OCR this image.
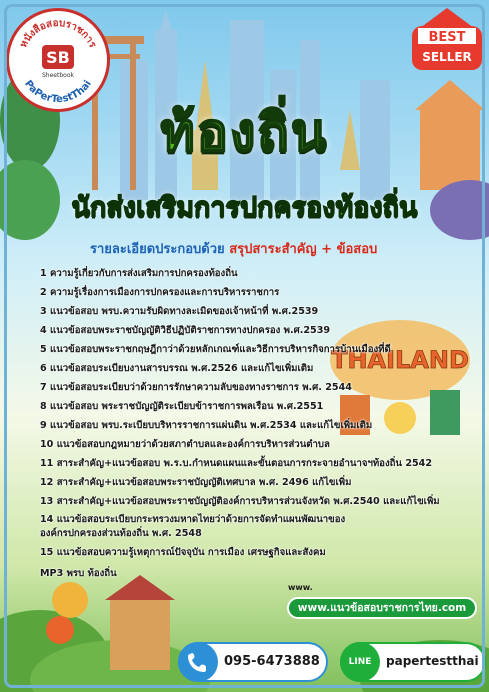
THAILAND
หนังสือสอบราชการ
SB
Sheetbook
PaPerTestThai
BEST
SELLER
ท้องถิ่น
นักส่งเสริมการปกครองท้องถิ่น
รายละเอียดประกอบด้วย สรุปสาระสำคัญ + ข้อสอบ
1 ความรู้เกี่ยวกับการส่งเสริมการปกครองท้องถิ่น
2 ความรู้เรื่องการเมืองการปกครองและการบริหารราชการ
3 แนวข้อสอบ พรบ.ความรับผิดทางละเมิดของเจ้าหน้าที่ พ.ศ.2539
4 แนวข้อสอบพระราชบัญญัติวิธีปฏิบัติราชการทางปกครอง พ.ศ.2539
5 แนวข้อสอบพระราชกฤษฎีกาว่าด้วยหลักเกณฑ์และวิธีการบริหารกิจการบ้านเมืองที่ดี
6 แนวข้อสอบระเบียบงานสารบรรณ พ.ศ.2526 และแก้ไขเพิ่มเติม
7 แนวข้อสอบระเบียบว่าด้วยการรักษาความลับของทางราชการ พ.ศ. 2544
8 แนวข้อสอบ พระราชบัญญัติระเบียบข้าราชการพลเรือน พ.ศ.2551
9 แนวข้อสอบ พรบ.ระเบียบบริหารราชการแผ่นดิน พ.ศ.2534 และแก้ไขเพิ่มเติม
10 แนวข้อสอบกฎหมายว่าด้วยสภาตำบลและองค์การบริหารส่วนตำบล
11 สาระสำคัญ+แนวข้อสอบ พ.ร.บ.กำหนดแผนและขั้นตอนการกระจายอำนาจฯท้องถิ่น 2542
12 สาระสำคัญ+แนวข้อสอบพระราชบัญญัติเทศบาล พ.ศ. 2496 แก้ไขเพิ่ม
13 สาระสำคัญ+แนวข้อสอบพระราชบัญญัติองค์การบริหารส่วนจังหวัด พ.ศ.2540 และแก้ไขเพิ่ม
14 แนวข้อสอบระเบียบกระทรวงมหาดไทยว่าด้วยการจัดทำแผนพัฒนาขององค์กรปกครองส่วนท้องถิ่น พ.ศ. 2548
15 แนวข้อสอบความรู้เหตุการณ์ปัจจุบัน การเมือง เศรษฐกิจและสังคม
MP3 พรบ ท้องถิ่น
www.
www.แนวข้อสอบราชการไทย.com
095-6473888	LINE	papertestthai
